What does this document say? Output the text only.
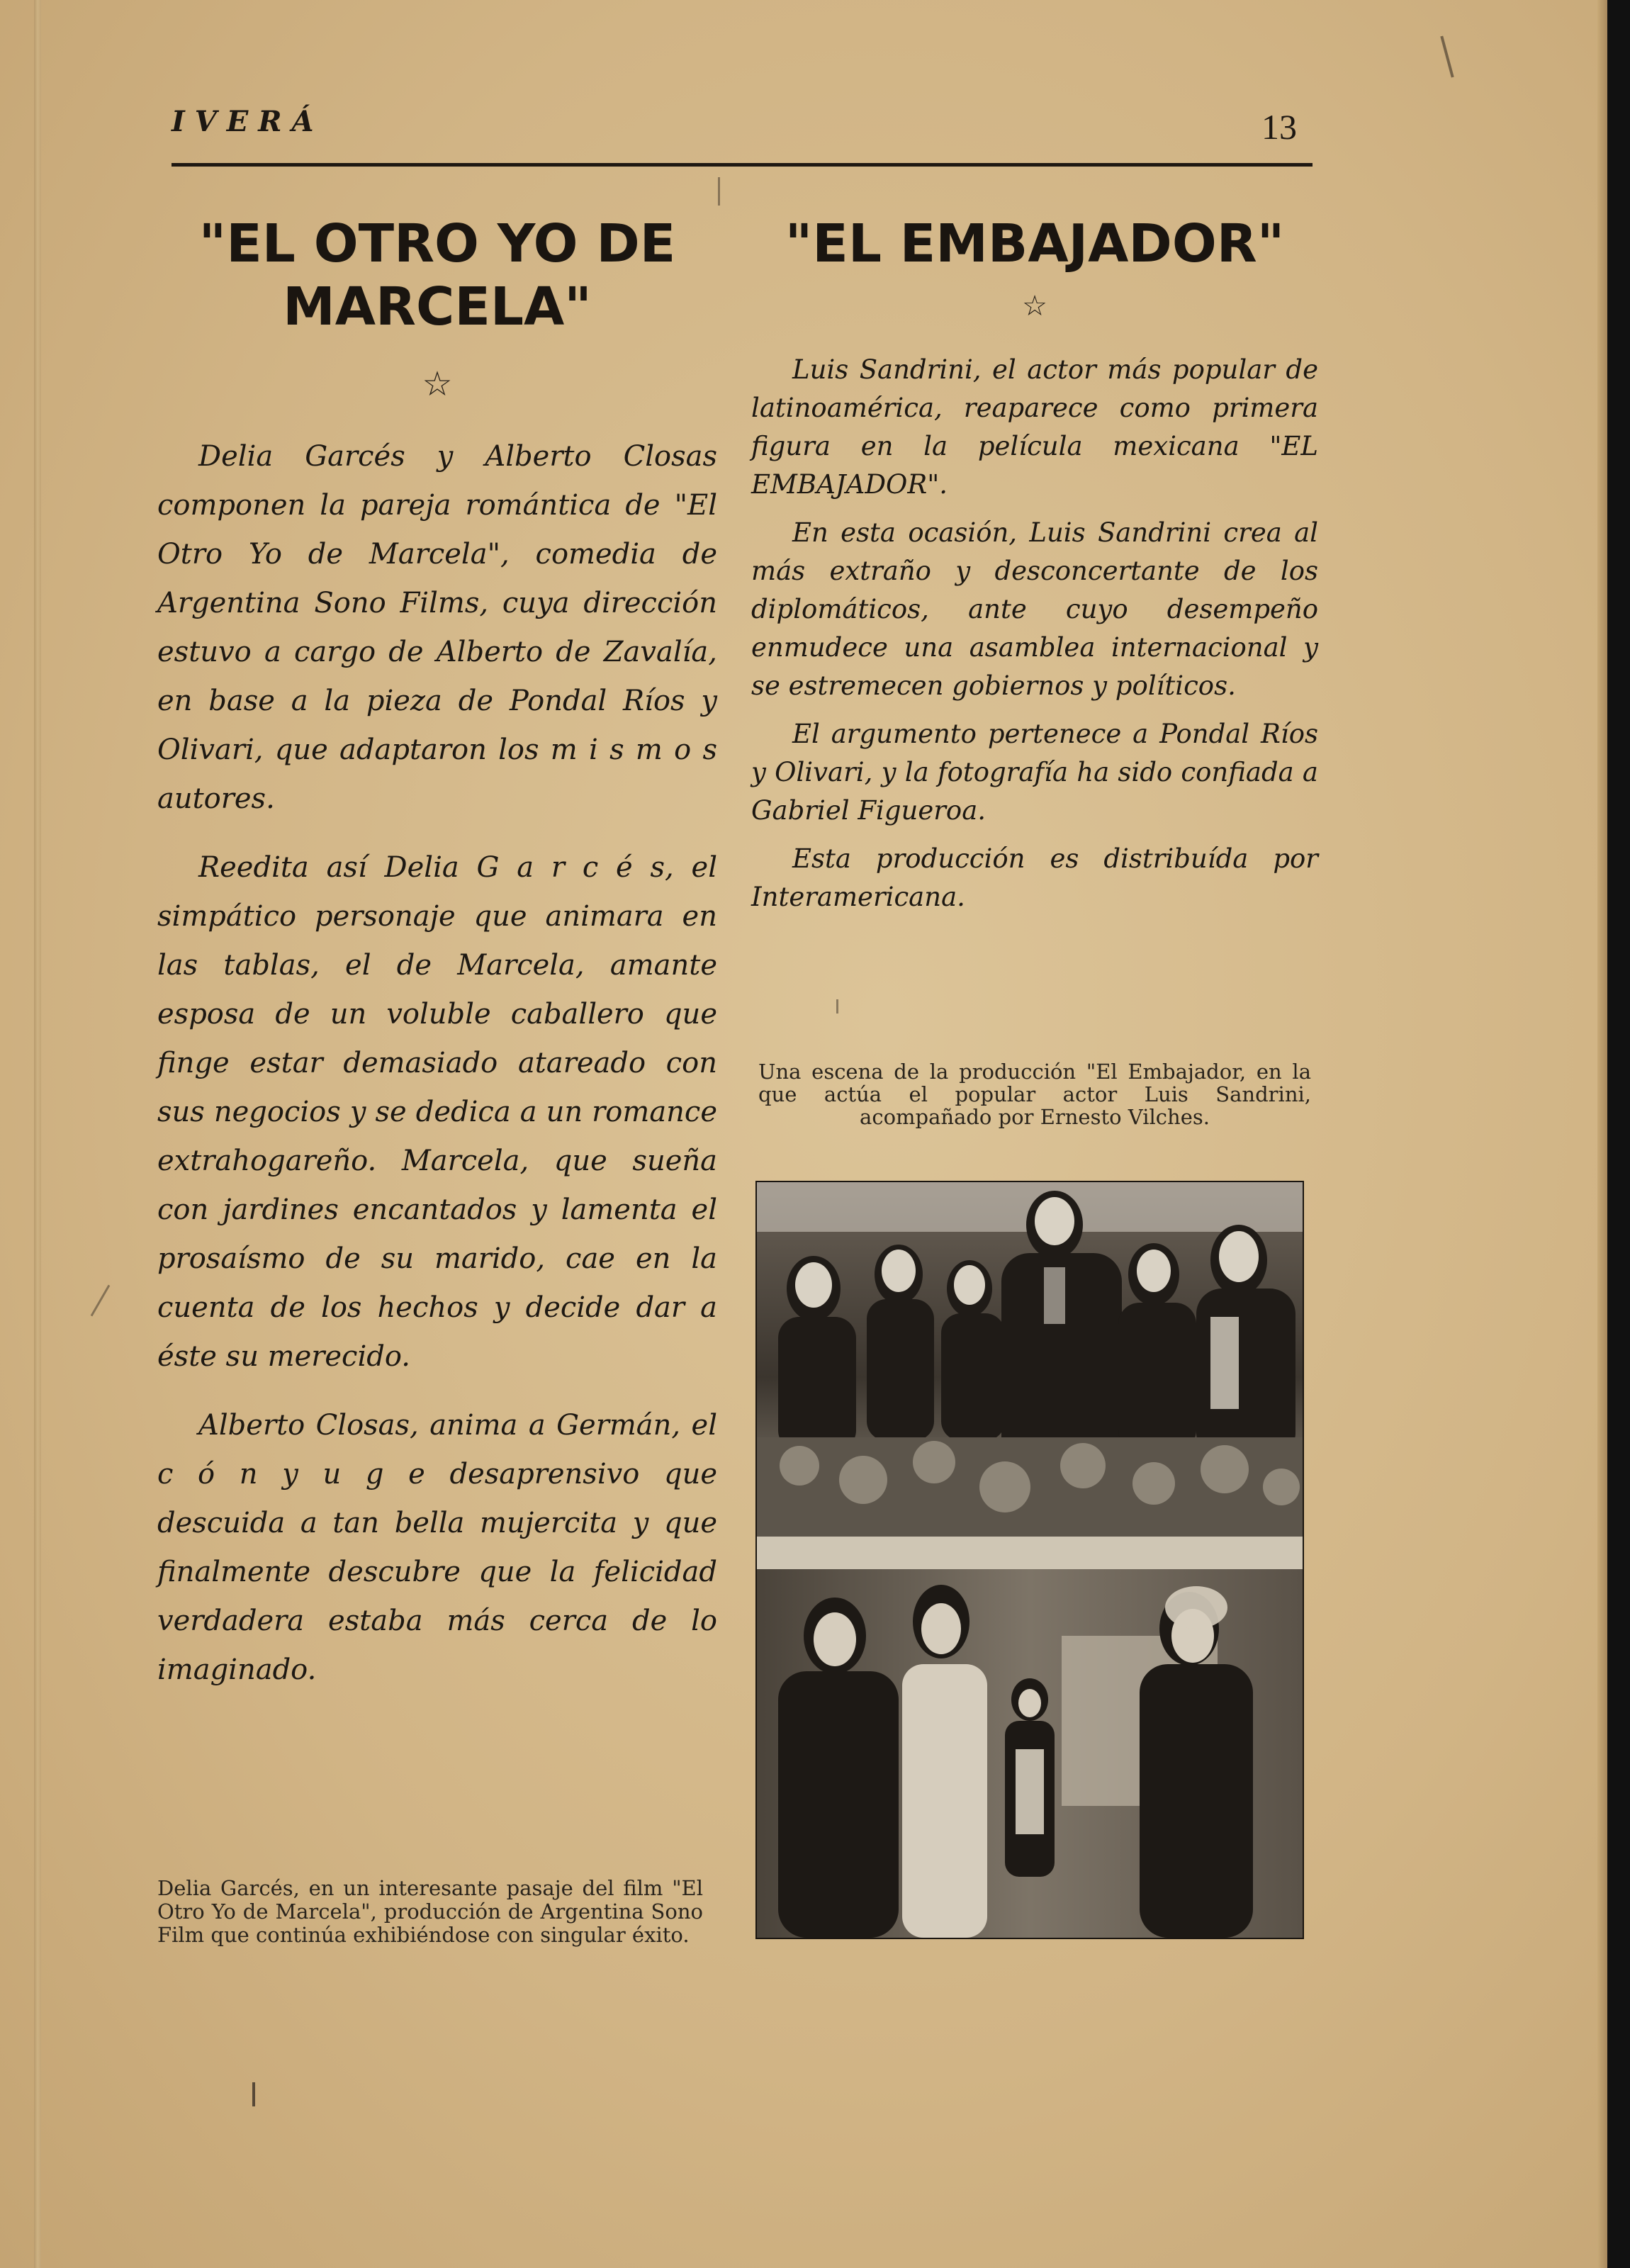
IVERÁ	13
"EL OTRO YO DE MARCELA"
☆

Delia Garcés y Alberto Closas componen la pareja romántica de "El Otro Yo de Marcela", comedia de Argentina Sono Films, cuya dirección estuvo a cargo de Alberto de Zavalía, en base a la pieza de Pondal Ríos y Olivari, que adaptaron los m i s m o s autores.

Reedita así Delia G a r c é s, el simpático personaje que animara en las tablas, el de Marcela, amante esposa de un voluble caballero que finge estar demasiado atareado con sus negocios y se dedica a un romance extrahogareño. Marcela, que sueña con jardines encantados y lamenta el prosaísmo de su marido, cae en la cuenta de los hechos y decide dar a éste su merecido.

Alberto Closas, anima a Germán, el c ó n y u g e desaprensivo que descuida a tan bella mujercita y que finalmente descubre que la felicidad verdadera estaba más cerca de lo imaginado.

Delia Garcés, en un interesante pasaje del film "El Otro Yo de Marcela", producción de Argentina Sono Film que continúa exhibiéndose con singular éxito.
"EL EMBAJADOR"
☆

Luis Sandrini, el actor más popular de latinoamérica, reaparece como primera figura en la película mexicana "EL EMBAJADOR".

En esta ocasión, Luis Sandrini crea al más extraño y desconcertante de los diplomáticos, ante cuyo desempeño enmudece una asamblea internacional y se estremecen gobiernos y políticos.

El argumento pertenece a Pondal Ríos y Olivari, y la fotografía ha sido confiada a Gabriel Figueroa.

Esta producción es distribuída por Interamericana.

Una escena de la producción "El Embajador, en la que actúa el popular actor Luis Sandrini, acompañado por Ernesto Vilches.
